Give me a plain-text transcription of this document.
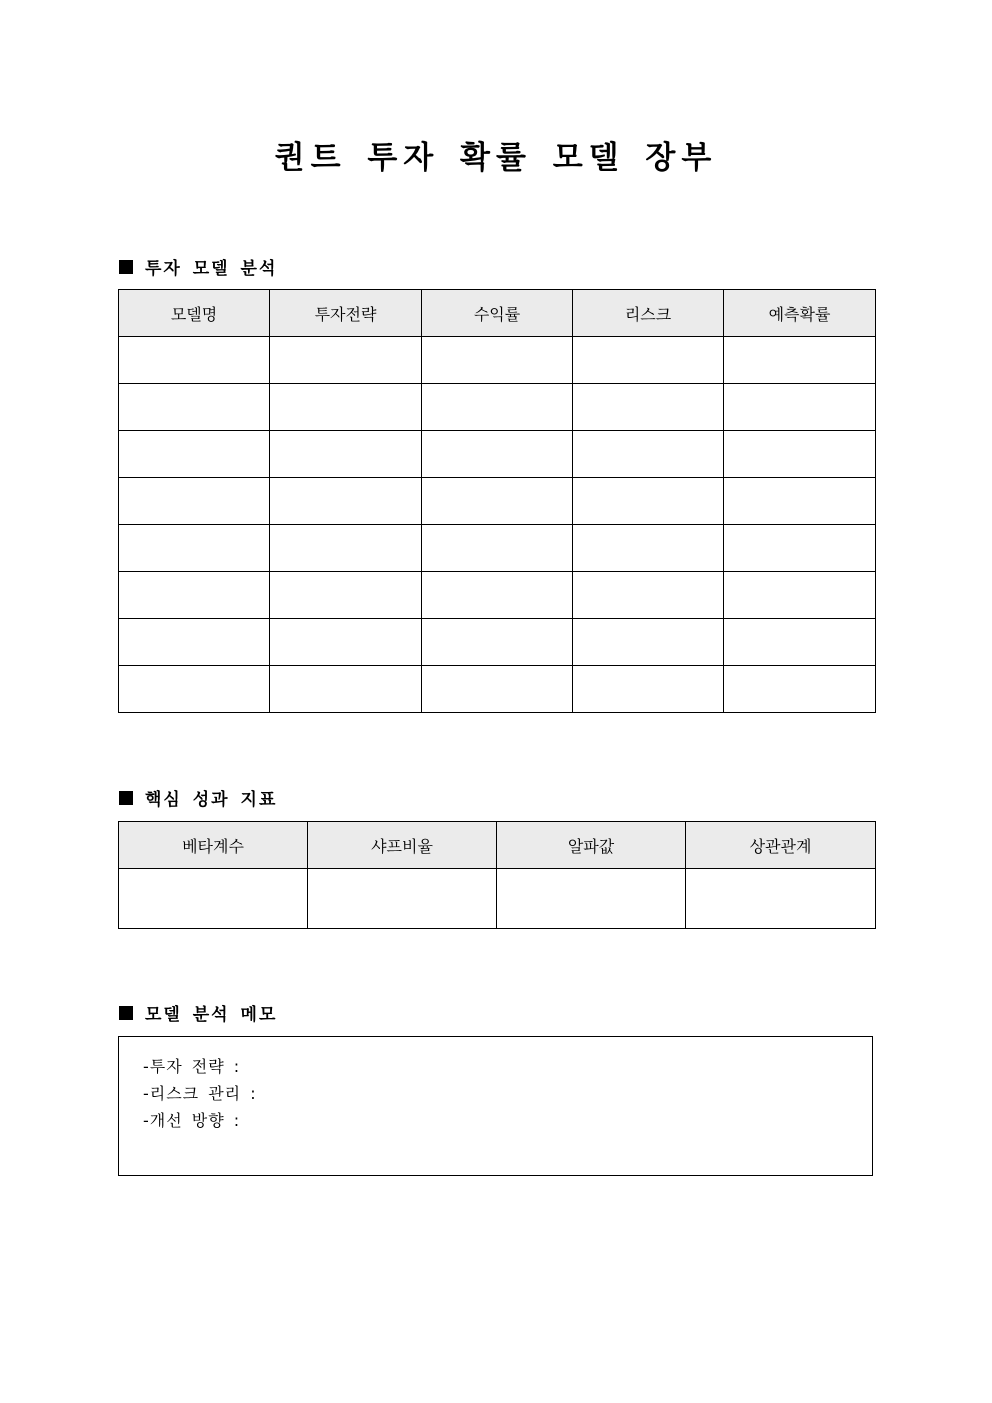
퀀트 투자 확률 모델 장부
투자 모델 분석
모델명	투자전략	수익률	리스크	예측확률

핵심 성과 지표
베타계수	샤프비율	알파값	상관관계

모델 분석 메모
-투자 전략 :
-리스크 관리 :
-개선 방향 :
